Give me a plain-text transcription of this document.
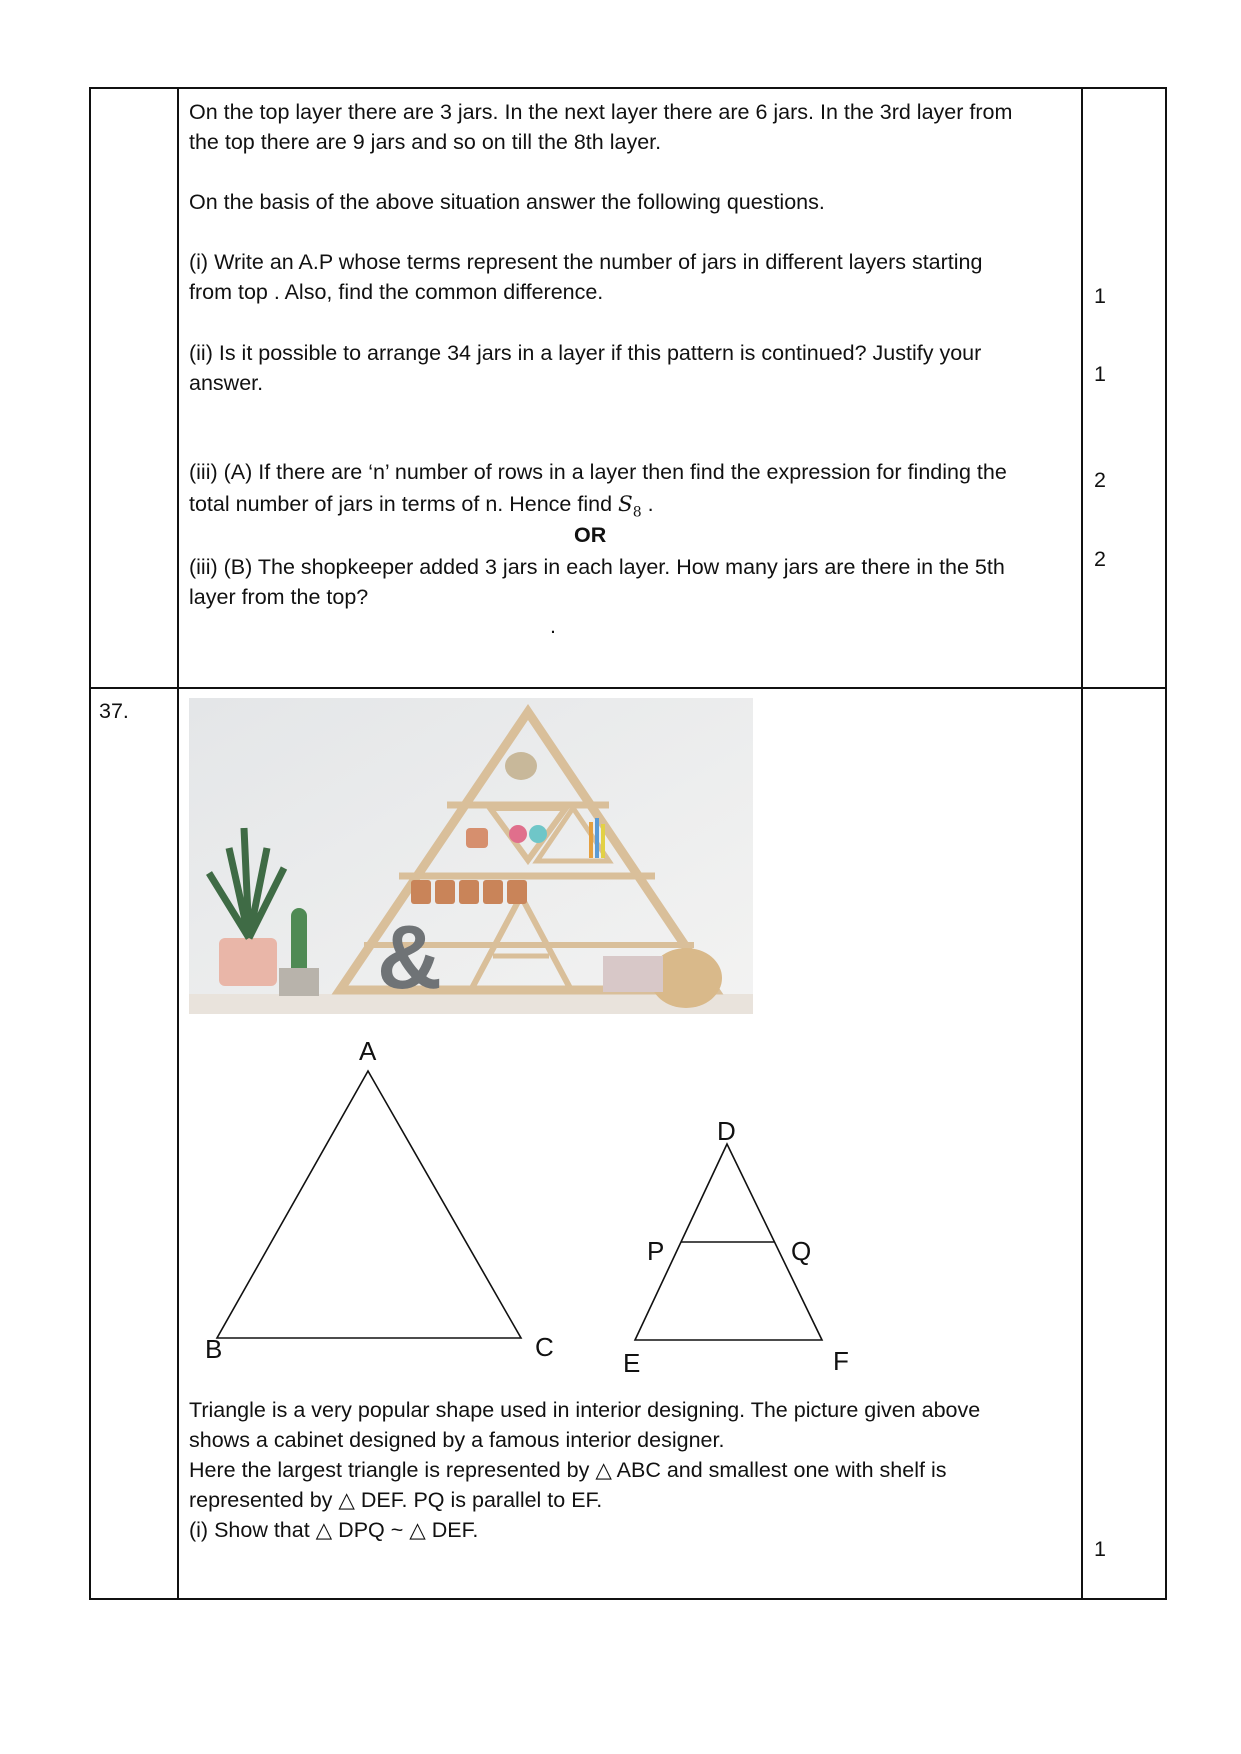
On the top layer there are 3 jars. In the next layer there are 6 jars. In the 3rd layer from
the top there are 9 jars and so on till the 8th layer.
On the basis of the above situation answer the following questions.
(i) Write an A.P whose terms represent the number of jars in different layers starting
from top . Also, find the common difference.
(ii) Is it possible to arrange 34 jars in a layer if this pattern is continued? Justify your
answer.
(iii) (A) If there are ‘n’ number of rows in a layer then find the expression for finding the
total number of jars in terms of n. Hence find $S_8$ .
OR
(iii) (B) The shopkeeper added 3 jars in each layer. How many jars are there in the 5th
layer from the top?
.
1
1
2
2
37.
&
A
B	C
D
E	F
P	Q
Triangle is a very popular shape used in interior designing. The picture given above
shows a cabinet designed by a famous interior designer.
Here the largest triangle is represented by △ ABC and smallest one with shelf is
represented by △ DEF. PQ is parallel to EF.
(i) Show that △ DPQ ~ △ DEF.
1
